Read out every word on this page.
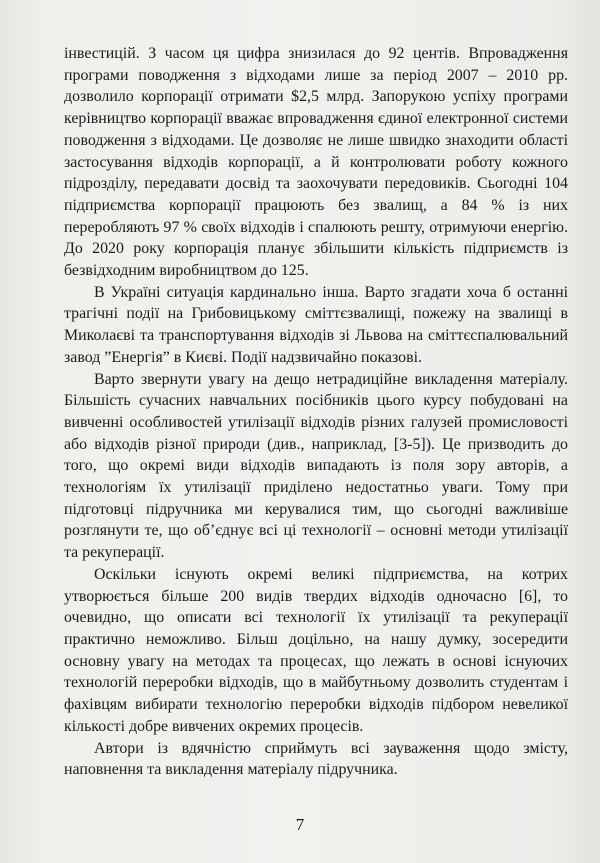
інвестицій. З часом ця цифра знизилася до 92 центів. Впровадження програми поводження з відходами лише за період 2007 – 2010 рр. дозволило корпорації отримати $2,5 млрд. Запорукою успіху програми керівництво корпорації вважає впровадження єдиної електронної системи поводження з відходами. Це дозволяє не лише швидко знаходити області застосування відходів корпорації, а й контролювати роботу кожного підрозділу, передавати досвід та заохочувати передовиків. Сьогодні 104 підприємства корпорації працюють без звалищ, а 84 % із них переробляють 97 % своїх відходів і спалюють решту, отримуючи енергію. До 2020 року корпорація планує збільшити кількість підприємств із безвідходним виробництвом до 125.

В Україні ситуація кардинально інша. Варто згадати хоча б останні трагічні події на Грибовицькому сміттєзвалищі, пожежу на звалищі в Миколаєві та транспортування відходів зі Львова на сміттєспалювальний завод ”Енергія” в Києві. Події надзвичайно показові.

Варто звернути увагу на дещо нетрадиційне викладення матеріалу. Більшість сучасних навчальних посібників цього курсу побудовані на вивченні особливостей утилізації відходів різних галузей промисловості або відходів різної природи (див., наприклад, [3-5]). Це призводить до того, що окремі види відходів випадають із поля зору авторів, а технологіям їх утилізації приділено недостатньо уваги. Тому при підготовці підручника ми керувалися тим, що сьогодні важливіше розглянути те, що об’єднує всі ці технології – основні методи утилізації та рекуперації.

Оскільки існують окремі великі підприємства, на котрих утворюється більше 200 видів твердих відходів одночасно [6], то очевидно, що описати всі технології їх утилізації та рекуперації практично неможливо. Більш доцільно, на нашу думку, зосередити основну увагу на методах та процесах, що лежать в основі існуючих технологій переробки відходів, що в майбутньому дозволить студентам і фахівцям вибирати технологію переробки відходів підбором невеликої кількості добре вивчених окремих процесів.

Автори із вдячністю сприймуть всі зауваження щодо змісту, наповнення та викладення матеріалу підручника.

7
